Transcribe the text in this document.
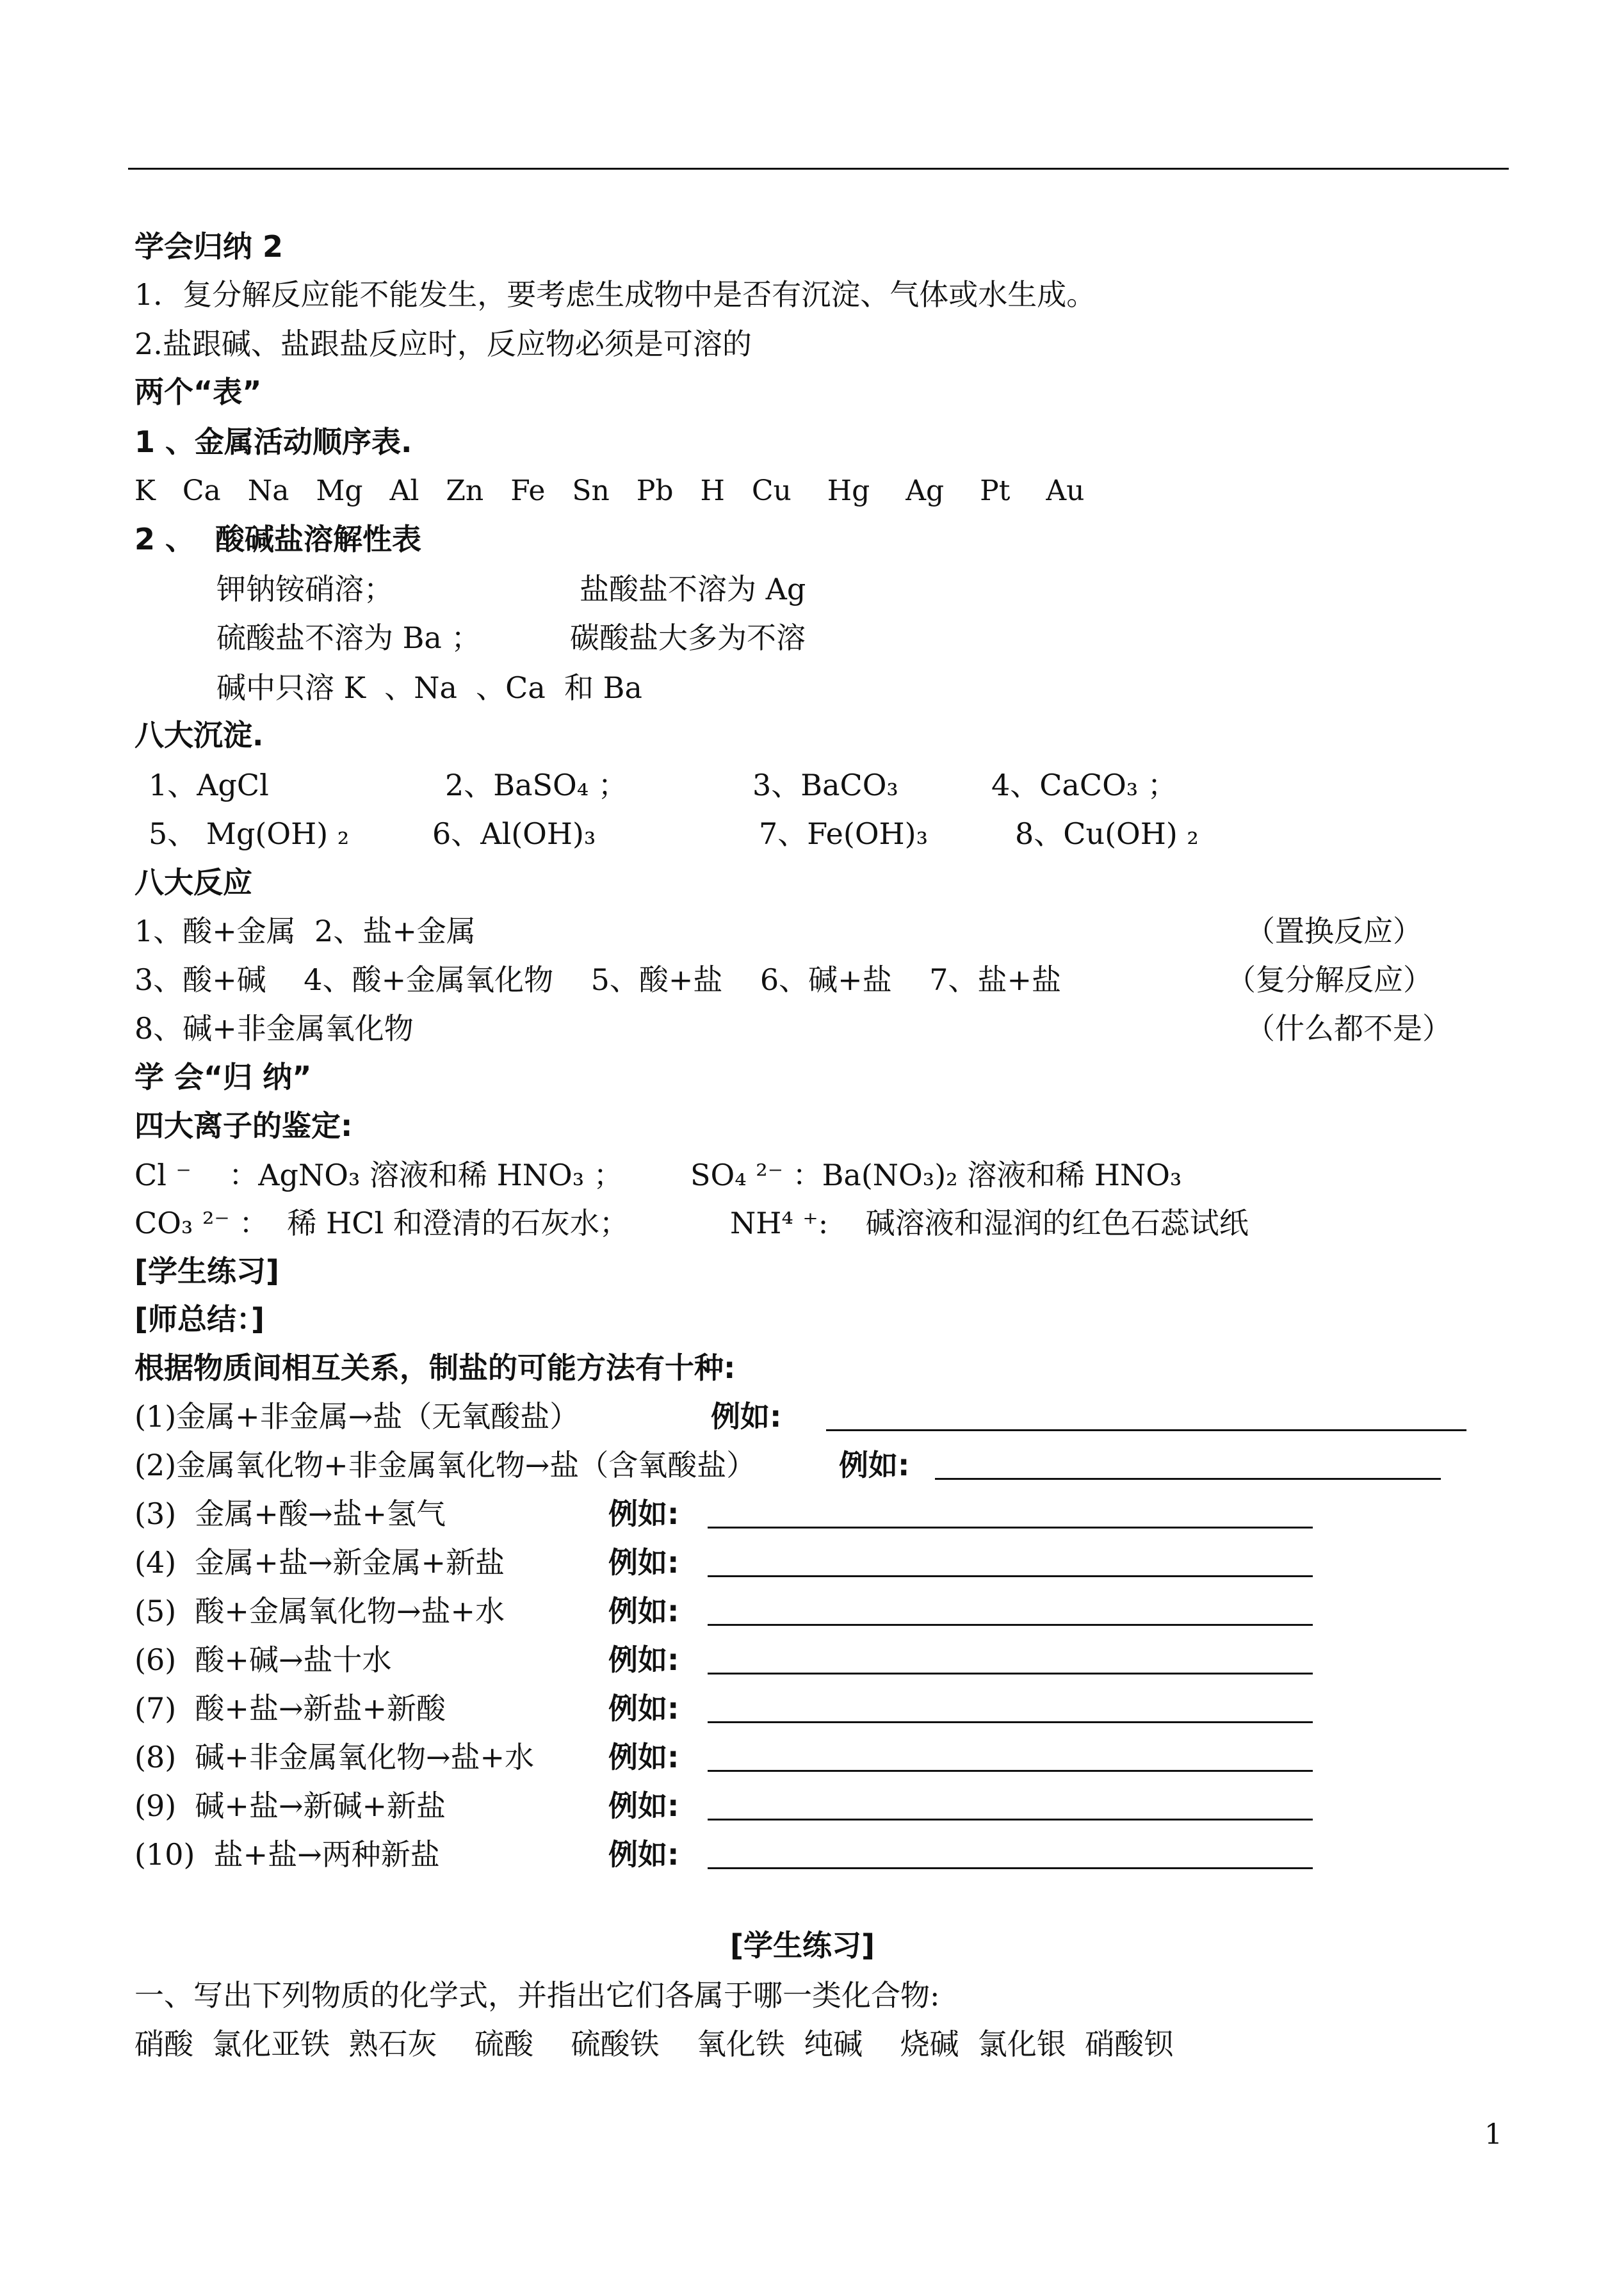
学会归纳 2
1．复分解反应能不能发生，要考虑生成物中是否有沉淀、气体或水生成。
2.盐跟碱、盐跟盐反应时，反应物必须是可溶的
两个“表”
1 、金属活动顺序表.
K   Ca   Na   Mg   Al   Zn   Fe   Sn   Pb   H   Cu    Hg    Ag    Pt    Au
2 、  酸碱盐溶解性表
钾钠铵硝溶；	盐酸盐不溶为 Ag
硫酸盐不溶为 Ba ；	碳酸盐大多为不溶
碱中只溶 K  、Na  、Ca  和 Ba
八大沉淀.
1、AgCl	2、BaSO₄ ；	3、BaCO₃	4、CaCO₃ ；
5、 Mg(OH) ₂	6、Al(OH)₃	7、Fe(OH)₃	8、Cu(OH) ₂
八大反应
1、酸+金属  2、盐+金属	（置换反应）
3、酸+碱    4、酸+金属氧化物    5、酸+盐    6、碱+盐    7、盐+盐	（复分解反应）
8、碱+非金属氧化物	（什么都不是）
学 会“归 纳”
四大离子的鉴定:
Cl ⁻    ：AgNO₃ 溶液和稀 HNO₃ ； SO₄ ²⁻ ：Ba(NO₃)₂ 溶液和稀 HNO₃
CO₃ ²⁻ ：  稀 HCl 和澄清的石灰水；	NH⁴ ⁺:    碱溶液和湿润的红色石蕊试纸
[学生练习]
[师总结：]
根据物质间相互关系，制盐的可能方法有十种:
(1)金属+非金属→盐（无氧酸盐）	例如:
(2)金属氧化物+非金属氧化物→盐（含氧酸盐）	例如:
(3)  金属+酸→盐+氢气	例如:
(4)  金属+盐→新金属+新盐	例如:
(5)  酸+金属氧化物→盐+水	例如:
(6)  酸+碱→盐十水	例如:
(7)  酸+盐→新盐+新酸	例如:
(8)  碱+非金属氧化物→盐+水	例如:
(9)  碱+盐→新碱+新盐	例如:
(10)  盐+盐→两种新盐	例如:
[学生练习]
一、写出下列物质的化学式，并指出它们各属于哪一类化合物:
硝酸  氯化亚铁  熟石灰    硫酸    硫酸铁    氧化铁  纯碱    烧碱  氯化银  硝酸钡
1
